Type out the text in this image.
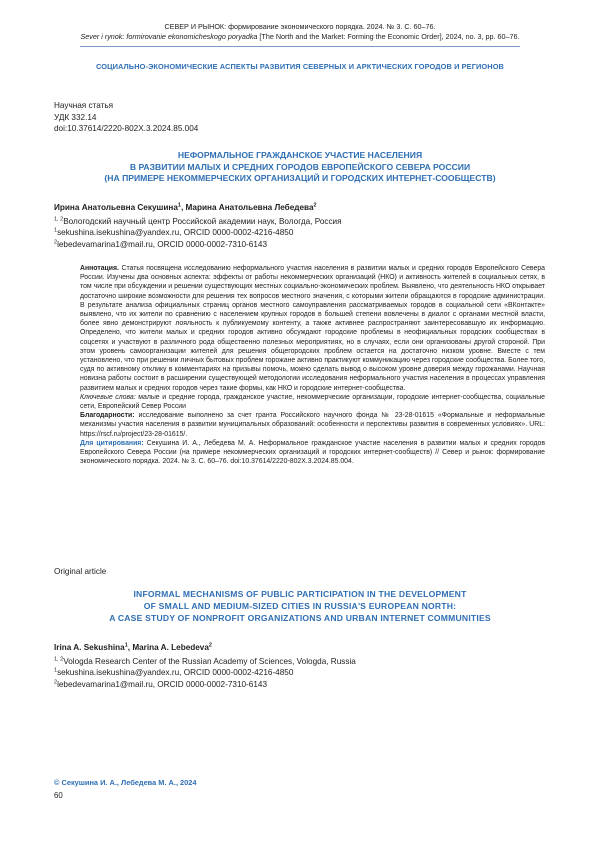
СЕВЕР И РЫНОК: формирование экономического порядка. 2024. № 3. С. 60–76.
Sever i rynok: formirovanie ekonomicheskogo poryadka [The North and the Market: Forming the Economic Order], 2024, no. 3, pp. 60–76.
СОЦИАЛЬНО-ЭКОНОМИЧЕСКИЕ АСПЕКТЫ РАЗВИТИЯ СЕВЕРНЫХ И АРКТИЧЕСКИХ ГОРОДОВ И РЕГИОНОВ
Научная статья
УДК 332.14
doi:10.37614/2220-802X.3.2024.85.004
НЕФОРМАЛЬНОЕ ГРАЖДАНСКОЕ УЧАСТИЕ НАСЕЛЕНИЯ
В РАЗВИТИИ МАЛЫХ И СРЕДНИХ ГОРОДОВ ЕВРОПЕЙСКОГО СЕВЕРА РОССИИ
(НА ПРИМЕРЕ НЕКОММЕРЧЕСКИХ ОРГАНИЗАЦИЙ И ГОРОДСКИХ ИНТЕРНЕТ-СООБЩЕСТВ)
Ирина Анатольевна Секушина$^1$, Марина Анатольевна Лебедева$^2$
$^{1, 2}$Вологодский научный центр Российской академии наук, Вологда, Россия
$^1$sekushina.isekushina@yandex.ru, ORCID 0000-0002-4216-4850
$^2$lebedevamarina1@mail.ru, ORCID 0000-0002-7310-6143

Аннотация. Статья посвящена исследованию неформального участия населения в развитии малых и средних городов Европейского Севера России. Изучены два основных аспекта: эффекты от работы некоммерческих организаций (НКО) и активность жителей в социальных сетях, в том числе при обсуждении и решении существующих местных социально-экономических проблем. Выявлено, что деятельность НКО открывает достаточно широкие возможности для решения тех вопросов местного значения, с которыми жители обращаются в городские администрации. В результате анализа официальных страниц органов местного самоуправления рассматриваемых городов в социальной сети «ВКонтакте» выявлено, что их жители по сравнению с населением крупных городов в большей степени вовлечены в диалог с органами местной власти, более явно демонстрируют лояльность к публикуемому контенту, а также активнее распространяют заинтересовавшую их информацию. Определено, что жители малых и средних городов активно обсуждают городские проблемы в неофициальных городских сообществах в соцсетях и участвуют в различного рода общественно полезных мероприятиях, но в случаях, если они организованы другой стороной. При этом уровень самоорганизации жителей для решения общегородских проблем остается на достаточно низком уровне. Вместе с тем установлено, что при решении личных бытовых проблем горожане активно практикуют коммуникацию через городские сообщества. Более того, судя по активному отклику в комментариях на призывы помочь, можно сделать вывод о высоком уровне доверия между горожанами. Научная новизна работы состоит в расширении существующей методологии исследования неформального участия населения в процессах управления развитием малых и средних городов через такие формы, как НКО и городские интернет-сообщества.

Ключевые слова: малые и средние города, гражданское участие, некоммерческие организации, городские интернет-сообщества, социальные сети, Европейский Север России

Благодарности: исследование выполнено за счет гранта Российского научного фонда № 23-28-01615 «Формальные и неформальные механизмы участия населения в развитии муниципальных образований: особенности и перспективы развития в современных условиях». URL: https://rscf.ru/project/23-28-01615/.

Для цитирования: Секушина И. А., Лебедева М. А. Неформальное гражданское участие населения в развитии малых и средних городов Европейского Севера России (на примере некоммерческих организаций и городских интернет-сообществ) // Север и рынок: формирование экономического порядка. 2024. № 3. С. 60–76. doi:10.37614/2220-802X.3.2024.85.004.

Original article
INFORMAL MECHANISMS OF PUBLIC PARTICIPATION IN THE DEVELOPMENT
OF SMALL AND MEDIUM-SIZED CITIES IN RUSSIA'S EUROPEAN NORTH:
A CASE STUDY OF NONPROFIT ORGANIZATIONS AND URBAN INTERNET COMMUNITIES
Irina A. Sekushina$^1$, Marina A. Lebedeva$^2$
$^{1, 2}$Vologda Research Center of the Russian Academy of Sciences, Vologda, Russia
$^1$sekushina.isekushina@yandex.ru, ORCID 0000-0002-4216-4850
$^2$lebedevamarina1@mail.ru, ORCID 0000-0002-7310-6143
© Секушина И. А., Лебедева М. А., 2024
60
